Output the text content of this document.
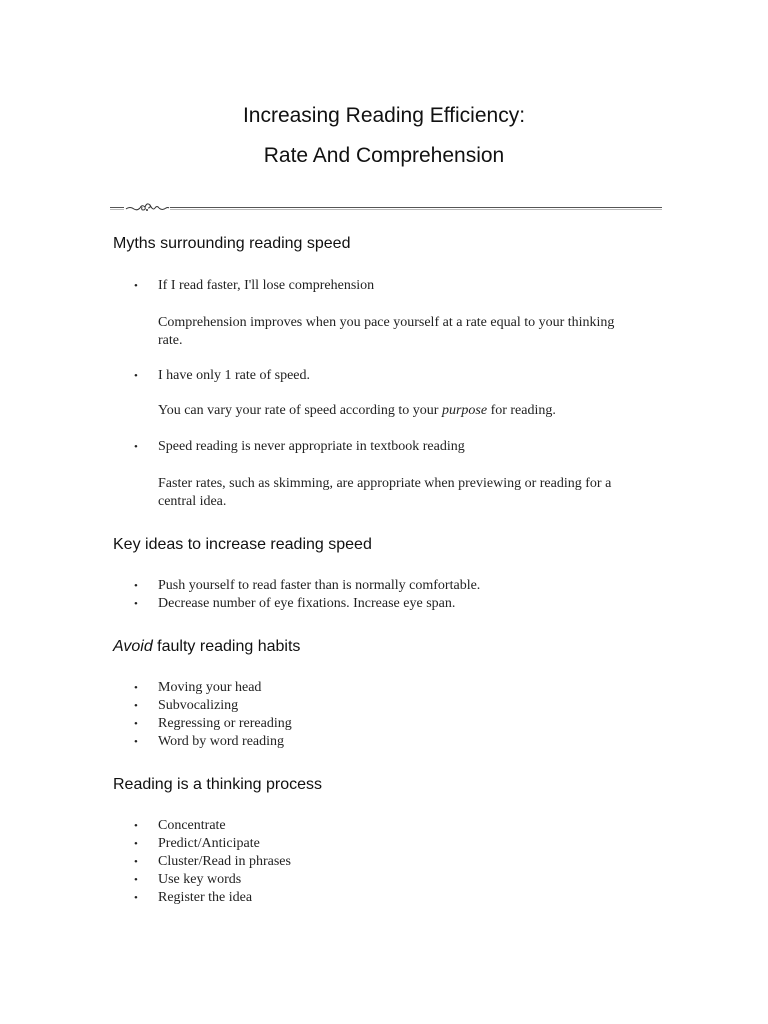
Increasing Reading Efficiency:
Rate And Comprehension
Myths surrounding reading speed
• If I read faster, I'll lose comprehension
Comprehension improves when you pace yourself at a rate equal to your thinking
rate.
• I have only 1 rate of speed.
You can vary your rate of speed according to your purpose for reading.
• Speed reading is never appropriate in textbook reading
Faster rates, such as skimming, are appropriate when previewing or reading for a
central idea.
Key ideas to increase reading speed
• Push yourself to read faster than is normally comfortable.
• Decrease number of eye fixations. Increase eye span.
Avoid faulty reading habits
• Moving your head
• Subvocalizing
• Regressing or rereading
• Word by word reading
Reading is a thinking process
• Concentrate
• Predict/Anticipate
• Cluster/Read in phrases
• Use key words
• Register the idea
